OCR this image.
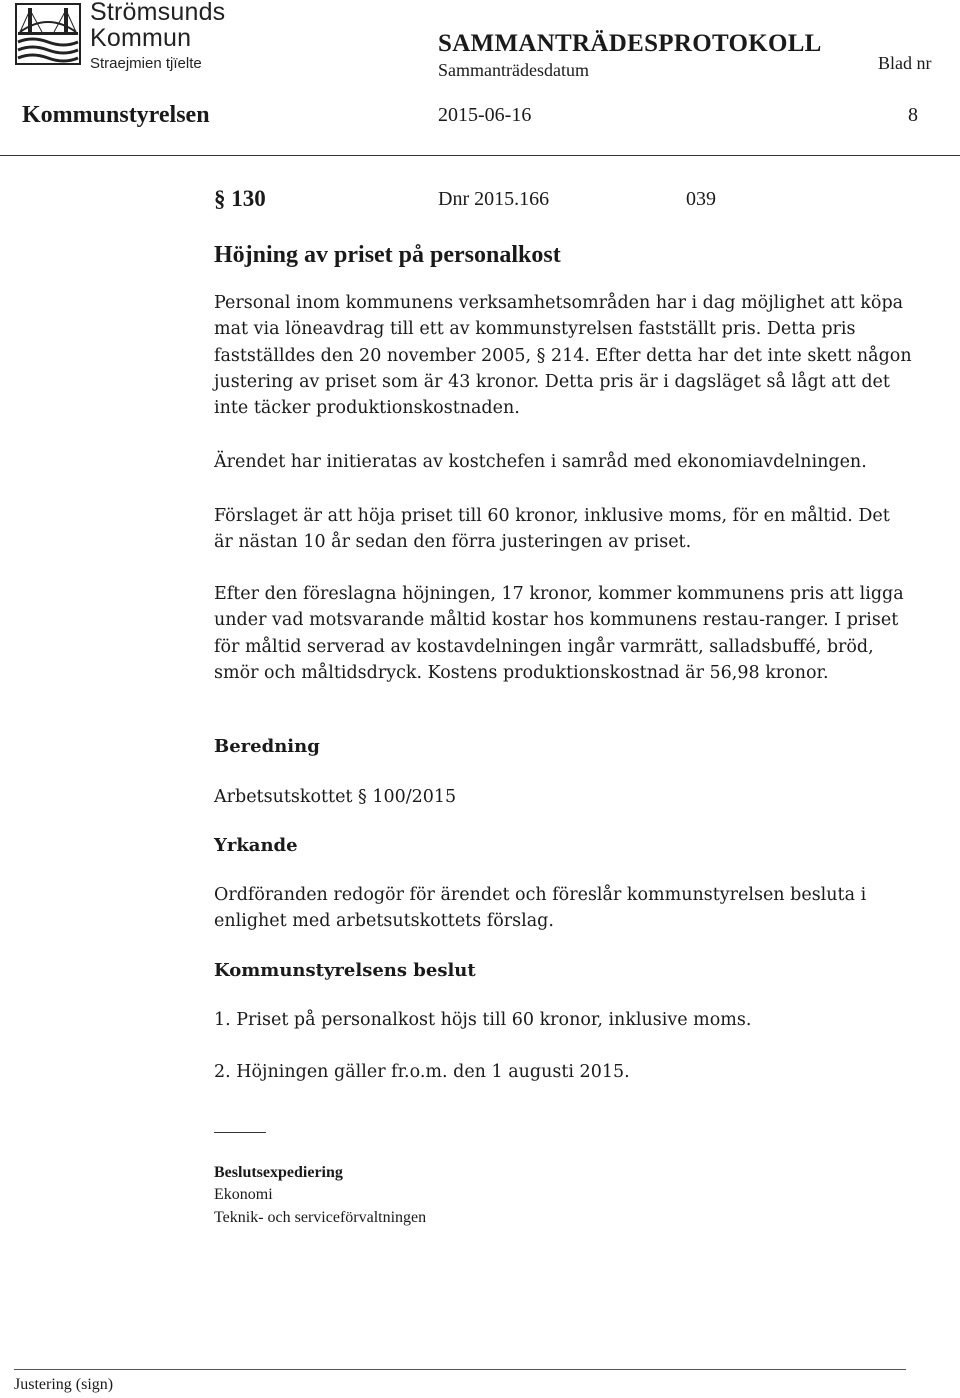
Strömsunds
Kommun
Straejmien tjïelte
SAMMANTRÄDESPROTOKOLL
Sammanträdesdatum	Blad nr
Kommunstyrelsen	2015-06-16	8
§ 130	Dnr 2015.166	039
Höjning av priset på personalkost
Personal inom kommunens verksamhetsområden har i dag möjlighet att köpa mat via löneavdrag till ett av kommunstyrelsen fastställt pris. Detta pris fastställdes den 20 november 2005, § 214. Efter detta har det inte skett någon justering av priset som är 43 kronor. Detta pris är i dagsläget så lågt att det inte täcker produktionskostnaden.
Ärendet har initieratas av kostchefen i samråd med ekonomiavdelningen.
Förslaget är att höja priset till 60 kronor, inklusive moms, för en måltid. Det är nästan 10 år sedan den förra justeringen av priset.
Efter den föreslagna höjningen, 17 kronor, kommer kommunens pris att ligga under vad motsvarande måltid kostar hos kommunens restau-ranger. I priset för måltid serverad av kostavdelningen ingår varmrätt, salladsbuffé, bröd, smör och måltidsdryck. Kostens produktionskostnad är 56,98 kronor.
Beredning
Arbetsutskottet § 100/2015
Yrkande
Ordföranden redogör för ärendet och föreslår kommunstyrelsen besluta i enlighet med arbetsutskottets förslag.
Kommunstyrelsens beslut
1. Priset på personalkost höjs till 60 kronor, inklusive moms.
2. Höjningen gäller fr.o.m. den 1 augusti 2015.
Beslutsexpediering
Ekonomi
Teknik- och serviceförvaltningen
Justering (sign)
